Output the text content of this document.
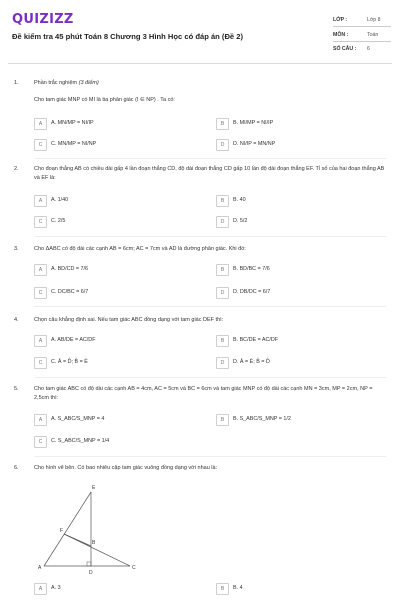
QUIZIZZ
Đề kiểm tra 45 phút Toán 8 Chương 3 Hình Học có đáp án (Đề 2)
LỚP :	Lớp 8
MÔN :	Toán
SỐ CÂU : 6
1.	Phần trắc nghiệm (3 điểm)
Cho tam giác MNP có MI là tia phân giác (I ∈ NP) . Ta có:
A	A. MN/MP = NI/IP	B	B. MI/MP = NI/IP
C	C. MN/MP = NI/NP	D	D. NI/IP = MN/NP
2.	Cho đoạn thẳng AB có chiều dài gấp 4 lần đoạn thẳng CD, độ dài đoạn thẳng CD gấp 10 lần độ dài đoạn thẳng EF. Tỉ số của hai đoạn thẳng AB và EF là:
A	A. 1/40	B	B. 40
C	C. 2/5	D	D. 5/2
3.	Cho ΔABC có độ dài các cạnh AB = 6cm; AC = 7cm và AD là đường phân giác. Khi đó:
A	A. BD/CD = 7/6	B	B. BD/BC = 7/6
C	C. DC/BC = 6/7	D	D. DB/DC = 6/7
4.	Chọn câu khẳng định sai. Nếu tam giác ABC đồng dạng với tam giác DEF thì:
A	A. AB/DE = AC/DF	B	B. BC/DE = AC/DF
C	C. Â = D̂; B̂ = Ê	D	D. Â = Ê; B̂ = D̂
5.	Cho tam giác ABC có độ dài các cạnh AB = 4cm, AC = 5cm và BC = 6cm và tam giác MNP có độ dài các cạnh MN = 3cm, MP = 2cm, NP = 2,5cm thì:
A	A. S_ABC/S_MNP = 4	B	B. S_ABC/S_MNP = 1/2
C	C. S_ABC/S_MNP = 1/4
6.	Cho hình vẽ bên. Có bao nhiêu cặp tam giác vuông đồng dạng với nhau là:
E
F
A
B
C
D
A	A. 3	B	B. 4
